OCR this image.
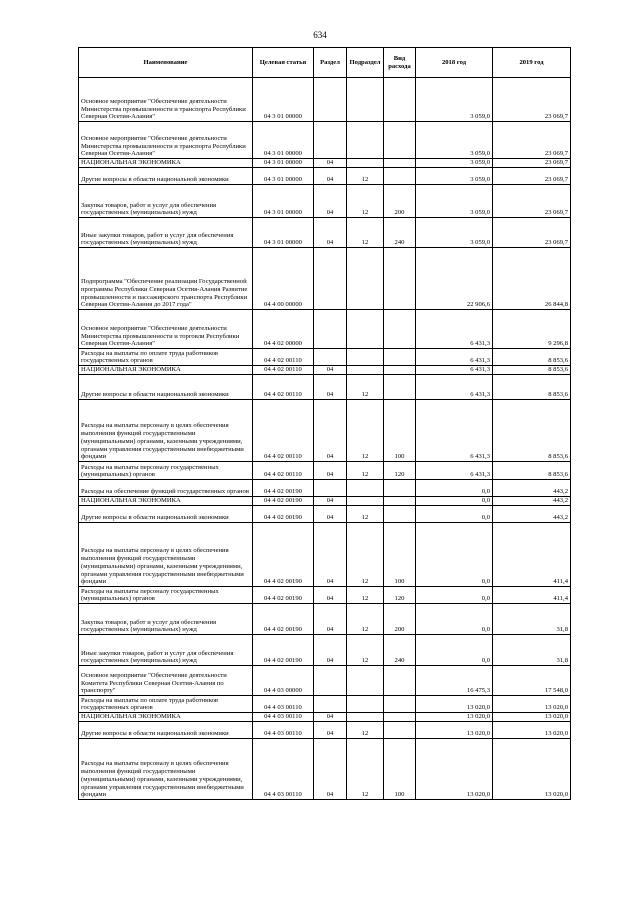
634
Наименование	Целевая статья	Раздел	Подраздел	Вид расхода	2018 год	2019 год
Основное мероприятие "Обеспечение деятельности Министерства промышленности и транспорта Республики Северная Осетия-Алания"	04 3 01 00000				3 059,0	23 069,7
Основное мероприятие "Обеспечение деятельности Министерства промышленности и транспорта Республики Северная Осетия-Алания"	04 3 01 00000				3 059,0	23 069,7
НАЦИОНАЛЬНАЯ ЭКОНОМИКА	04 3 01 00000	04			3 059,0	23 069,7
Другие вопросы в области национальной экономики	04 3 01 00000	04	12		3 059,0	23 069,7
Закупка товаров, работ и услуг для обеспечения государственных (муниципальных) нужд	04 3 01 00000	04	12	200	3 059,0	23 069,7
Иные закупки товаров, работ и услуг для обеспечения государственных (муниципальных) нужд	04 3 01 00000	04	12	240	3 059,0	23 069,7
Подпрограмма "Обеспечение реализации Государственной программы Республики Северная Осетия-Алания Развитие промышленности и пассажирского транспорта Республики Северная Осетия-Алания до 2017 года"	04 4 00 00000				22 906,6	26 844,8
Основное мероприятие "Обеспечение деятельности Министерства промышленности и торговли Республики Северная Осетия-Алания"	04 4 02 00000				6 431,3	9 296,8
Расходы на выплаты по оплате труда работников государственных органов	04 4 02 00110				6 431,3	8 853,6
НАЦИОНАЛЬНАЯ ЭКОНОМИКА	04 4 02 00110	04			6 431,3	8 853,6
Другие вопросы в области национальной экономики	04 4 02 00110	04	12		6 431,3	8 853,6
Расходы на выплаты персоналу в целях обеспечения выполнения функций государственными (муниципальными) органами, казенными учреждениями, органами управления государственными внебюджетными фондами	04 4 02 00110	04	12	100	6 431,3	8 853,6
Расходы на выплаты персоналу государственных (муниципальных) органов	04 4 02 00110	04	12	120	6 431,3	8 853,6
Расходы на обеспечение функций государственных органов	04 4 02 00190				0,0	443,2
НАЦИОНАЛЬНАЯ ЭКОНОМИКА	04 4 02 00190	04			0,0	443,2
Другие вопросы в области национальной экономики	04 4 02 00190	04	12		0,0	443,2
Расходы на выплаты персоналу в целях обеспечения выполнения функций государственными (муниципальными) органами, казенными учреждениями, органами управления государственными внебюджетными фондами	04 4 02 00190	04	12	100	0,0	411,4
Расходы на выплаты персоналу государственных (муниципальных) органов	04 4 02 00190	04	12	120	0,0	411,4
Закупка товаров, работ и услуг для обеспечения государственных (муниципальных) нужд	04 4 02 00190	04	12	200	0,0	31,8
Иные закупки товаров, работ и услуг для обеспечения государственных (муниципальных) нужд	04 4 02 00190	04	12	240	0,0	31,8
Основное мероприятие "Обеспечение деятельности Комитета Республики Северная Осетия-Алания по транспорту"	04 4 03 00000				16 475,3	17 548,0
Расходы на выплаты по оплате труда работников государственных органов	04 4 03 00110				13 020,0	13 020,0
НАЦИОНАЛЬНАЯ ЭКОНОМИКА	04 4 03 00110	04			13 020,0	13 020,0
Другие вопросы в области национальной экономики	04 4 03 00110	04	12		13 020,0	13 020,0
Расходы на выплаты персоналу в целях обеспечения выполнения функций государственными (муниципальными) органами, казенными учреждениями, органами управления государственными внебюджетными фондами	04 4 03 00110	04	12	100	13 020,0	13 020,0
